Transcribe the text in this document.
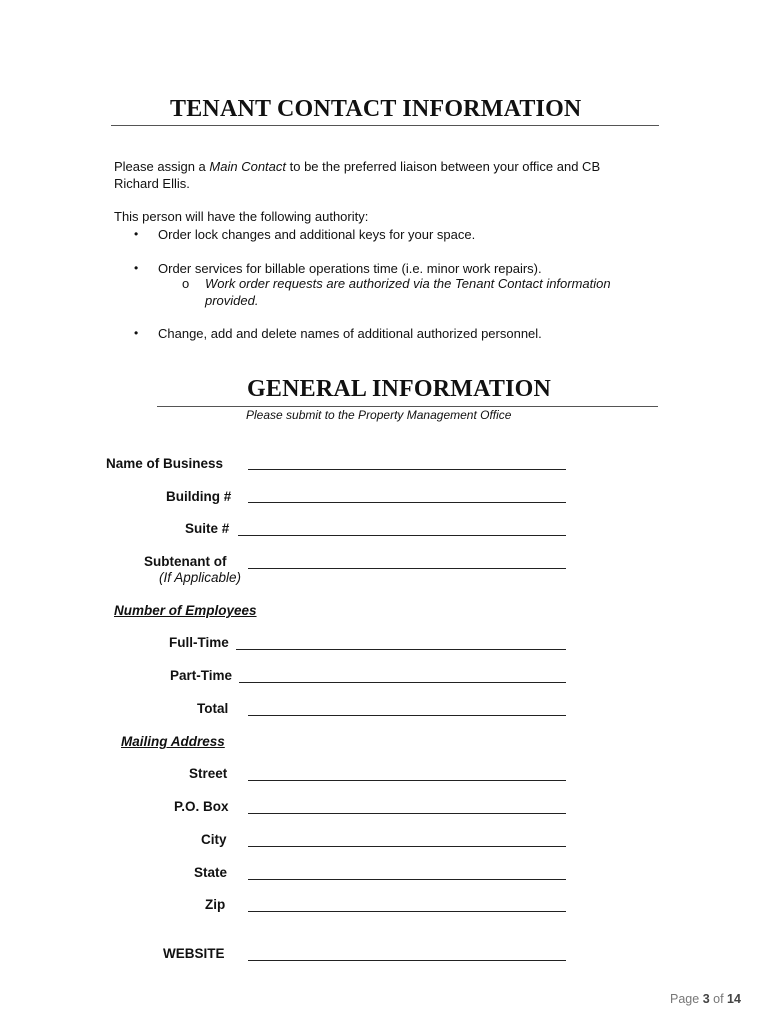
TENANT CONTACT INFORMATION
Please assign a Main Contact to be the preferred liaison between your office and CB
Richard Ellis.
This person will have the following authority:
• Order lock changes and additional keys for your space.
• Order services for billable operations time (i.e. minor work repairs).
o Work order requests are authorized via the Tenant Contact information
provided.
• Change, add and delete names of additional authorized personnel.
GENERAL INFORMATION
Please submit to the Property Management Office
Name of Business
Building #
Suite #
Subtenant of
(If Applicable)
Number of Employees
Full-Time
Part-Time
Total
Mailing Address
Street
P.O. Box
City
State
Zip
WEBSITE
Page 3 of 14
